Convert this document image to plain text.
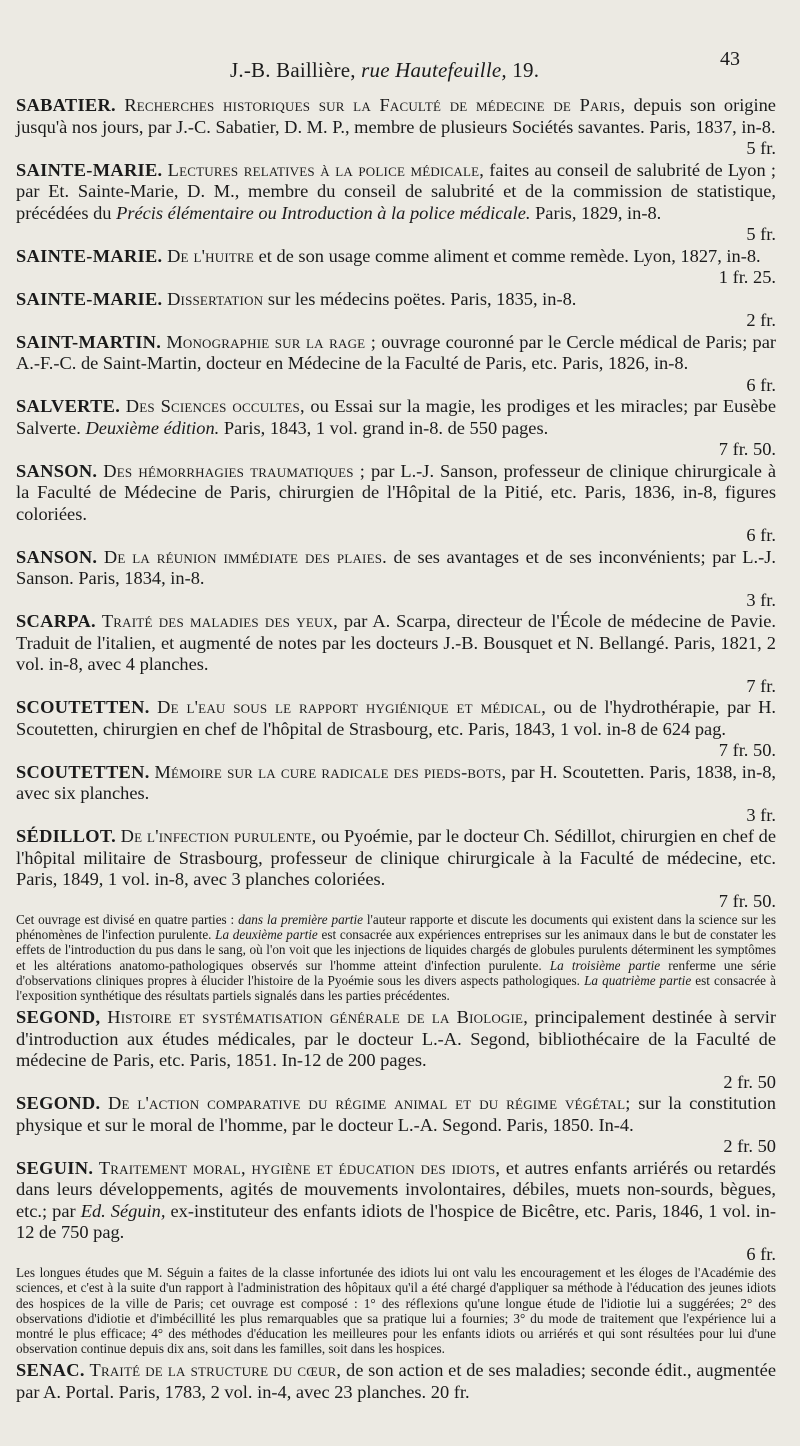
J.-B. Baillière, rue Hautefeuille, 19.	43

SABATIER. Recherches historiques sur la Faculté de médecine de Paris, depuis son origine jusqu'à nos jours, par J.-C. Sabatier, D. M. P., membre de plusieurs Sociétés savantes. Paris, 1837, in-8.
5 fr.

SAINTE-MARIE. Lectures relatives à la police médicale, faites au conseil de salubrité de Lyon ; par Et. Sainte-Marie, D. M., membre du conseil de salubrité et de la commission de statistique, précédées du Précis élémentaire ou Introduction à la police médicale. Paris, 1829, in-8.
5 fr.

SAINTE-MARIE. De l'huitre et de son usage comme aliment et comme remède. Lyon, 1827, in-8.
1 fr. 25.

SAINTE-MARIE. Dissertation sur les médecins poëtes. Paris, 1835, in-8.
2 fr.

SAINT-MARTIN. Monographie sur la rage ; ouvrage couronné par le Cercle médical de Paris; par A.-F.-C. de Saint-Martin, docteur en Médecine de la Faculté de Paris, etc. Paris, 1826, in-8.
6 fr.

SALVERTE. Des Sciences occultes, ou Essai sur la magie, les prodiges et les miracles; par Eusèbe Salverte. Deuxième édition. Paris, 1843, 1 vol. grand in-8. de 550 pages.
7 fr. 50.

SANSON. Des hémorrhagies traumatiques ; par L.-J. Sanson, professeur de clinique chirurgicale à la Faculté de Médecine de Paris, chirurgien de l'Hôpital de la Pitié, etc. Paris, 1836, in-8, figures coloriées.
6 fr.

SANSON. De la réunion immédiate des plaies. de ses avantages et de ses inconvénients; par L.-J. Sanson. Paris, 1834, in-8.
3 fr.

SCARPA. Traité des maladies des yeux, par A. Scarpa, directeur de l'École de médecine de Pavie. Traduit de l'italien, et augmenté de notes par les docteurs J.-B. Bousquet et N. Bellangé. Paris, 1821, 2 vol. in-8, avec 4 planches.
7 fr.

SCOUTETTEN. De l'eau sous le rapport hygiénique et médical, ou de l'hydrothérapie, par H. Scoutetten, chirurgien en chef de l'hôpital de Strasbourg, etc. Paris, 1843, 1 vol. in-8 de 624 pag.
7 fr. 50.

SCOUTETTEN. Mémoire sur la cure radicale des pieds-bots, par H. Scoutetten. Paris, 1838, in-8, avec six planches.
3 fr.

SÉDILLOT. De l'infection purulente, ou Pyoémie, par le docteur Ch. Sédillot, chirurgien en chef de l'hôpital militaire de Strasbourg, professeur de clinique chirurgicale à la Faculté de médecine, etc. Paris, 1849, 1 vol. in-8, avec 3 planches coloriées.
7 fr. 50.

Cet ouvrage est divisé en quatre parties : dans la première partie l'auteur rapporte et discute les documents qui existent dans la science sur les phénomènes de l'infection purulente. La deuxième partie est consacrée aux expériences entreprises sur les animaux dans le but de constater les effets de l'introduction du pus dans le sang, où l'on voit que les injections de liquides chargés de globules purulents déterminent les symptômes et les altérations anatomo-pathologiques observés sur l'homme atteint d'infection purulente. La troisième partie renferme une série d'observations cliniques propres à élucider l'histoire de la Pyoémie sous les divers aspects pathologiques. La quatrième partie est consacrée à l'exposition synthétique des résultats partiels signalés dans les parties précédentes.

SEGOND, Histoire et systématisation générale de la Biologie, principalement destinée à servir d'introduction aux études médicales, par le docteur L.-A. Segond, bibliothécaire de la Faculté de médecine de Paris, etc. Paris, 1851. In-12 de 200 pages.
2 fr. 50

SEGOND. De l'action comparative du régime animal et du régime végétal; sur la constitution physique et sur le moral de l'homme, par le docteur L.-A. Segond. Paris, 1850. In-4.
2 fr. 50

SEGUIN. Traitement moral, hygiène et éducation des idiots, et autres enfants arriérés ou retardés dans leurs développements, agités de mouvements involontaires, débiles, muets non-sourds, bègues, etc.; par Ed. Séguin, ex-instituteur des enfants idiots de l'hospice de Bicêtre, etc. Paris, 1846, 1 vol. in-12 de 750 pag.
6 fr.

Les longues études que M. Séguin a faites de la classe infortunée des idiots lui ont valu les encouragement et les éloges de l'Académie des sciences, et c'est à la suite d'un rapport à l'administration des hôpitaux qu'il a été chargé d'appliquer sa méthode à l'éducation des jeunes idiots des hospices de la ville de Paris; cet ouvrage est composé : 1° des réflexions qu'une longue étude de l'idiotie lui a suggérées; 2° des observations d'idiotie et d'imbécillité les plus remarquables que sa pratique lui a fournies; 3° du mode de traitement que l'expérience lui a montré le plus efficace; 4° des méthodes d'éducation les meilleures pour les enfants idiots ou arriérés et qui sont résultées pour lui d'une observation continue depuis dix ans, soit dans les familles, soit dans les hospices.

SENAC. Traité de la structure du cœur, de son action et de ses maladies; seconde édit., augmentée par A. Portal. Paris, 1783, 2 vol. in-4, avec 23 planches. 20 fr.
